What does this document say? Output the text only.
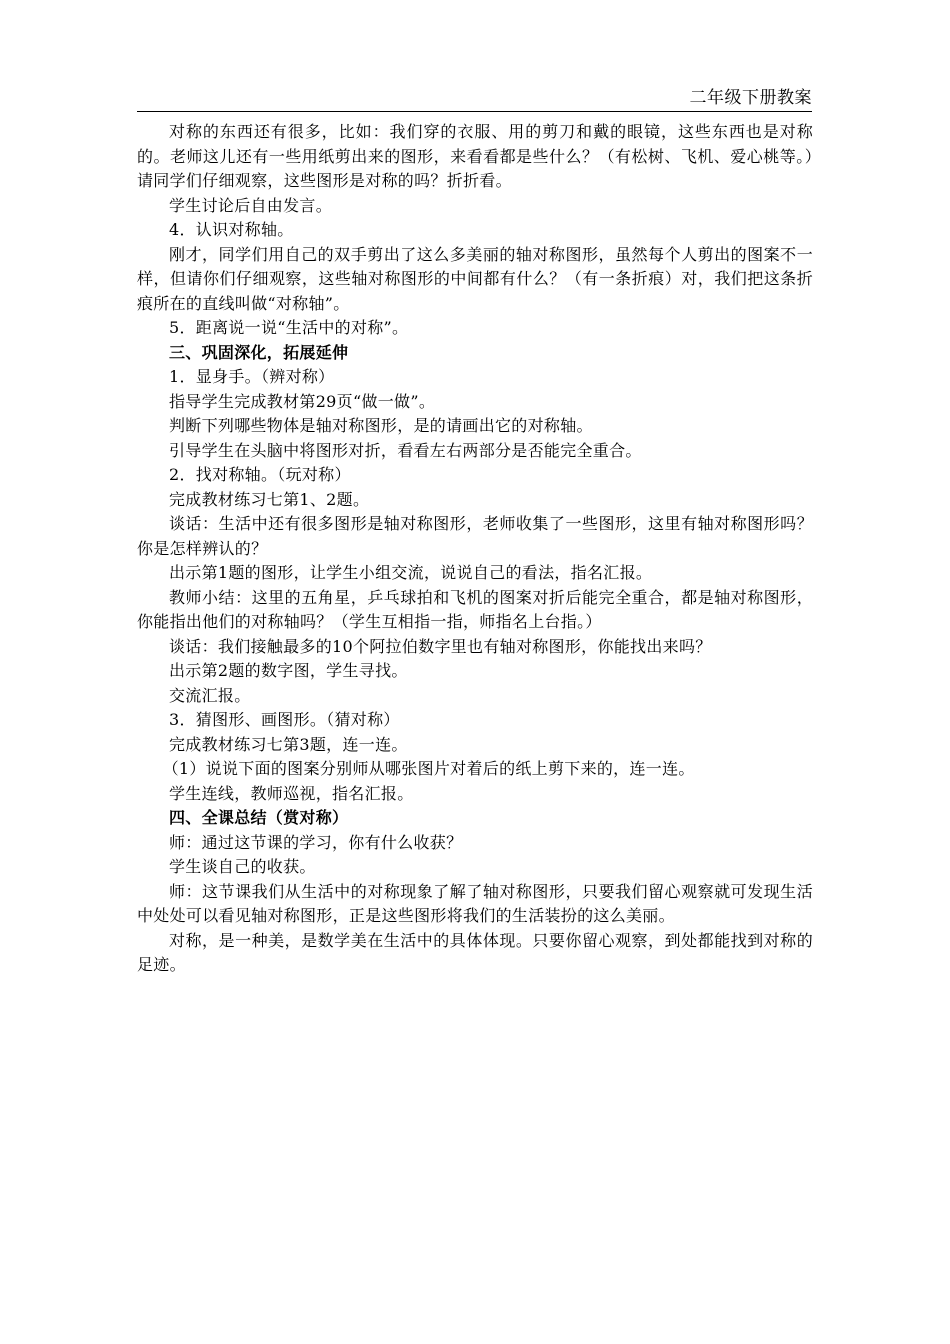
二年级下册教案

对称的东西还有很多，比如：我们穿的衣服、用的剪刀和戴的眼镜，这些东西也是对称的。老师这儿还有一些用纸剪出来的图形，来看看都是些什么？（有松树、飞机、爱心桃等。）请同学们仔细观察，这些图形是对称的吗？折折看。

学生讨论后自由发言。

4．认识对称轴。

刚才，同学们用自己的双手剪出了这么多美丽的轴对称图形，虽然每个人剪出的图案不一样，但请你们仔细观察，这些轴对称图形的中间都有什么？（有一条折痕）对，我们把这条折痕所在的直线叫做“对称轴”。

5．距离说一说“生活中的对称”。

三、巩固深化，拓展延伸

1．显身手。（辨对称）

指导学生完成教材第29页“做一做”。

判断下列哪些物体是轴对称图形，是的请画出它的对称轴。

引导学生在头脑中将图形对折，看看左右两部分是否能完全重合。

2．找对称轴。（玩对称）

完成教材练习七第1、2题。

谈话：生活中还有很多图形是轴对称图形，老师收集了一些图形，这里有轴对称图形吗？你是怎样辨认的？

出示第1题的图形，让学生小组交流，说说自己的看法，指名汇报。

教师小结：这里的五角星，乒乓球拍和飞机的图案对折后能完全重合，都是轴对称图形，你能指出他们的对称轴吗？（学生互相指一指，师指名上台指。）

谈话：我们接触最多的10个阿拉伯数字里也有轴对称图形，你能找出来吗？

出示第2题的数字图，学生寻找。

交流汇报。

3．猜图形、画图形。（猜对称）

完成教材练习七第3题，连一连。

（1）说说下面的图案分别师从哪张图片对着后的纸上剪下来的，连一连。

学生连线，教师巡视，指名汇报。

四、全课总结（赏对称）

师：通过这节课的学习，你有什么收获？

学生谈自己的收获。

师：这节课我们从生活中的对称现象了解了轴对称图形，只要我们留心观察就可发现生活中处处可以看见轴对称图形，正是这些图形将我们的生活装扮的这么美丽。

对称，是一种美，是数学美在生活中的具体体现。只要你留心观察，到处都能找到对称的足迹。
